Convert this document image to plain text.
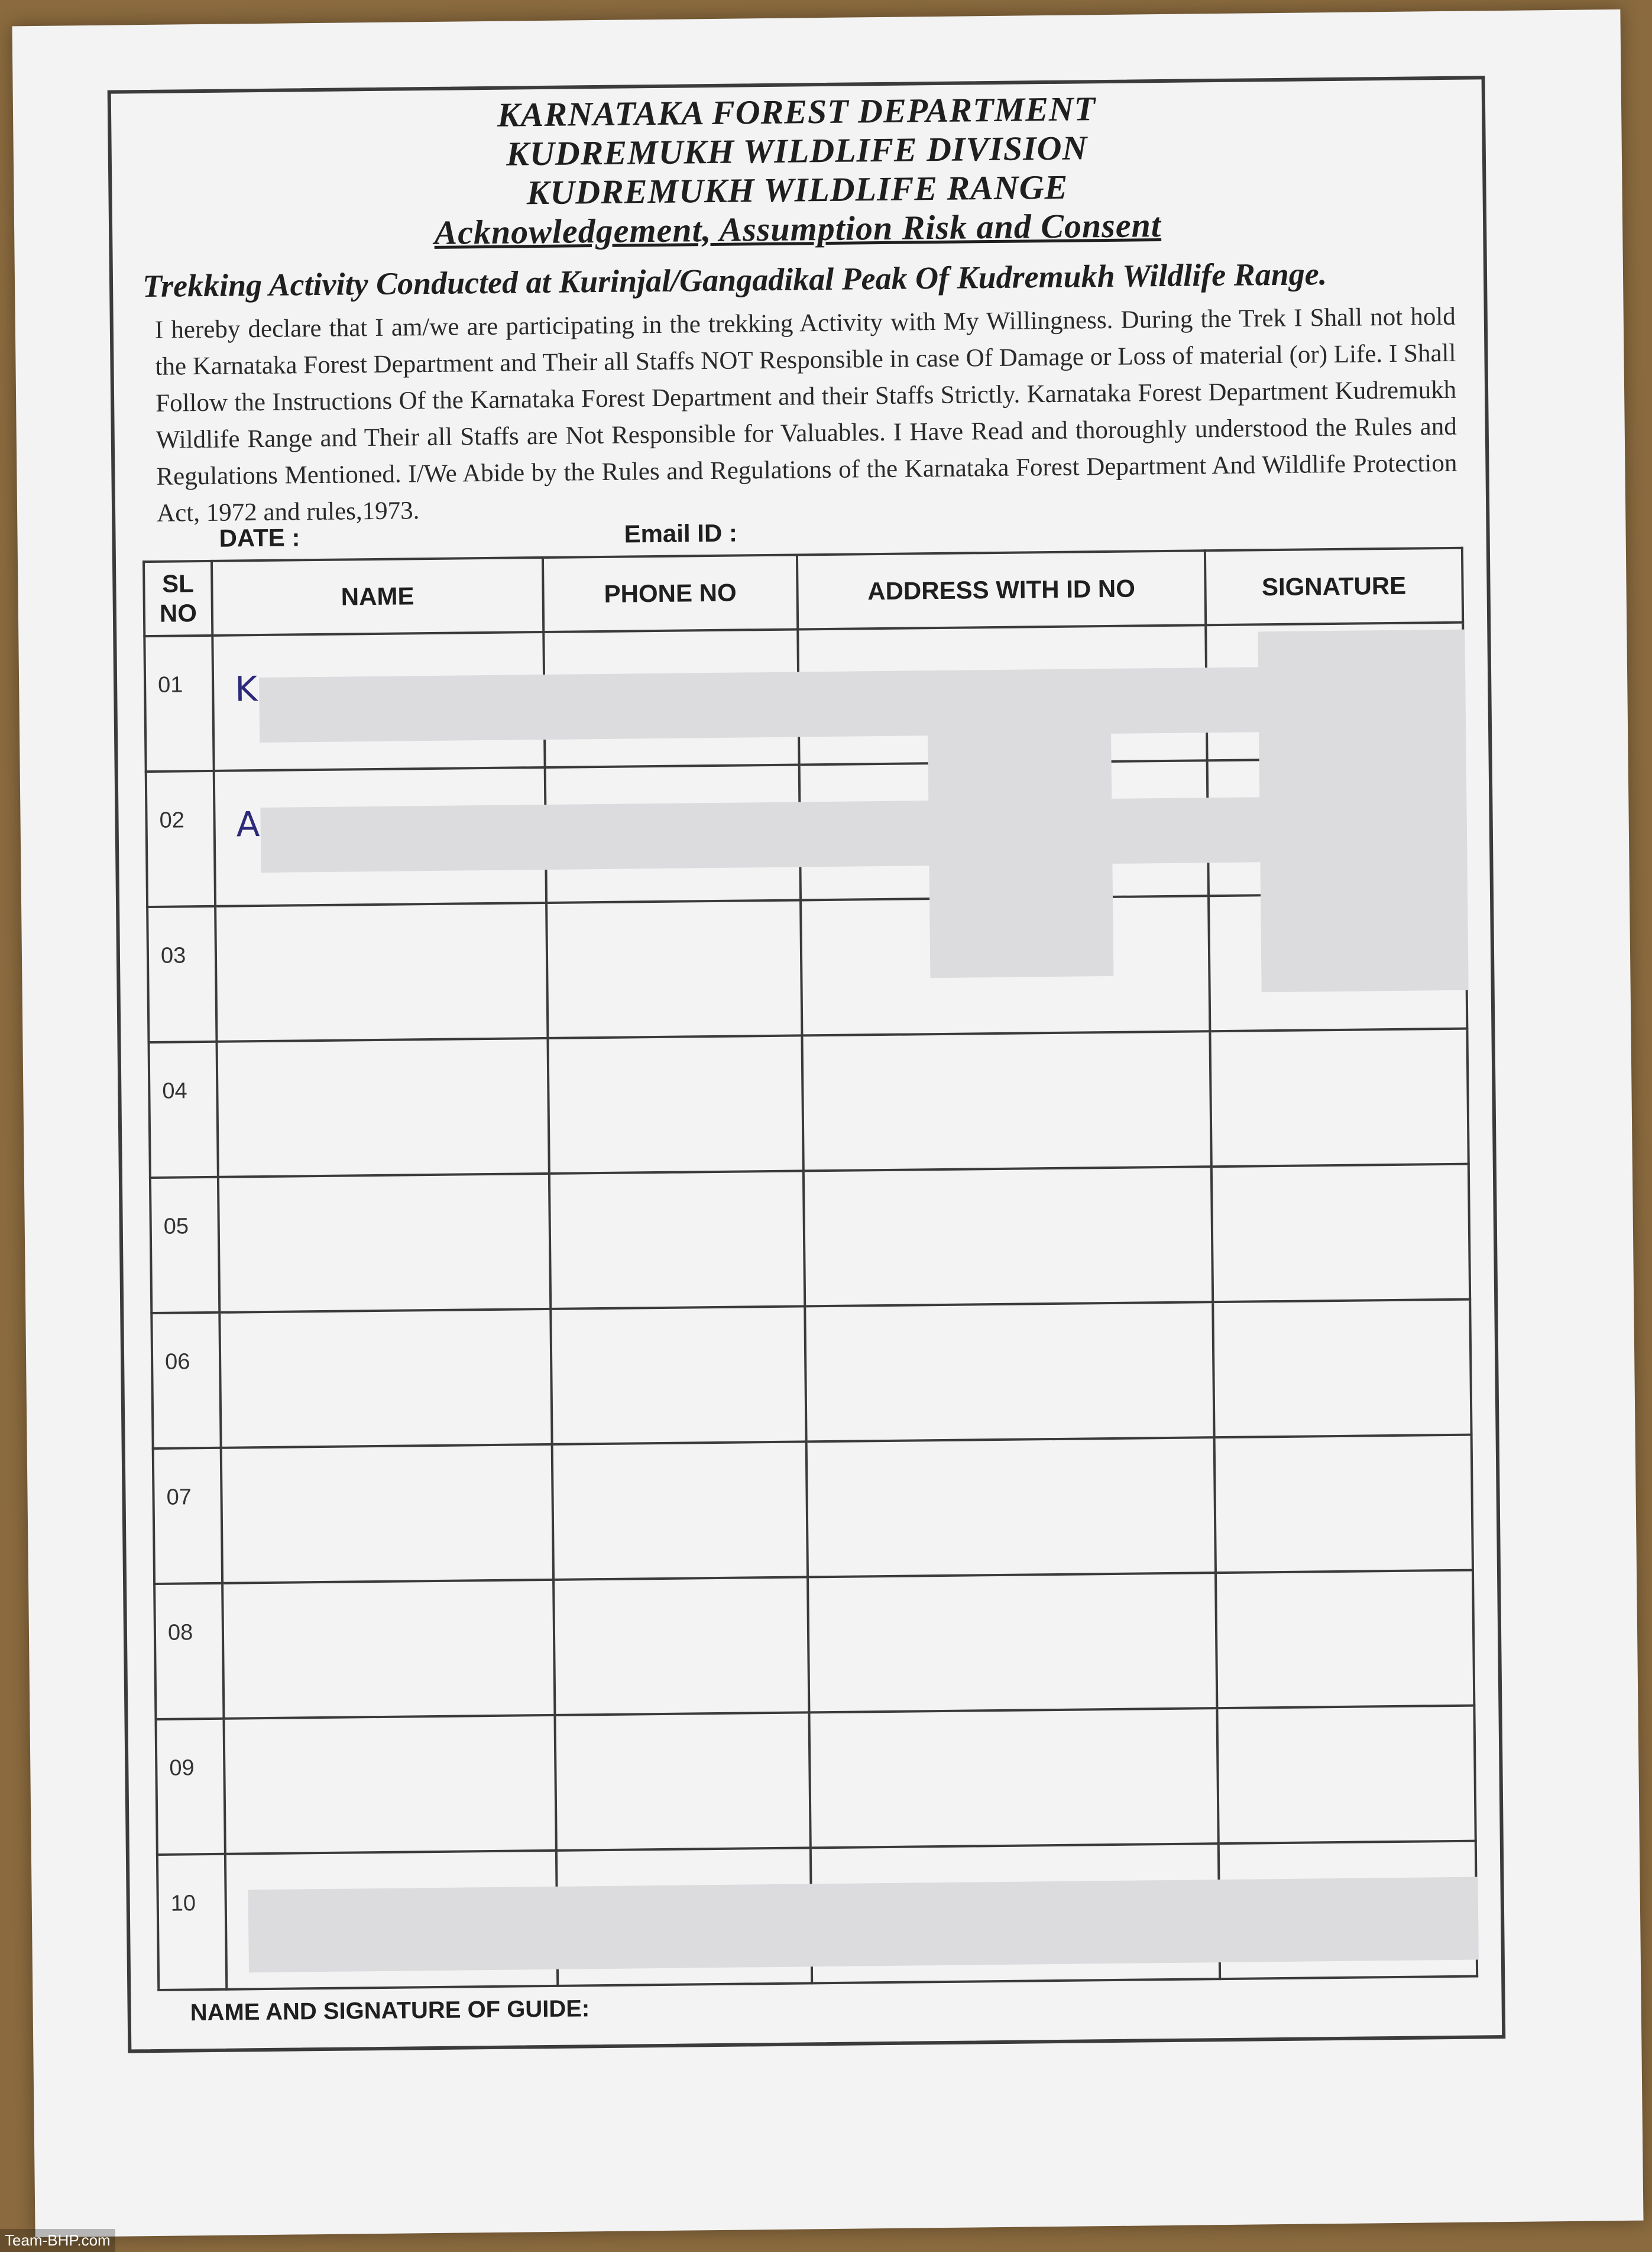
KARNATAKA FOREST DEPARTMENT
KUDREMUKH WILDLIFE DIVISION
KUDREMUKH WILDLIFE RANGE
Acknowledgement, Assumption Risk and Consent
Trekking Activity Conducted at Kurinjal/Gangadikal Peak Of Kudremukh Wildlife Range.
I hereby declare that I am/we are participating in the trekking Activity with My Willingness. During the Trek I Shall not hold the Karnataka Forest Department and Their all Staffs NOT Responsible in case Of Damage or Loss of material (or) Life. I Shall Follow the Instructions Of the Karnataka Forest Department and their Staffs Strictly. Karnataka Forest Department Kudremukh Wildlife Range and Their all Staffs are Not Responsible for Valuables. I Have Read and thoroughly understood the Rules and Regulations Mentioned. I/We Abide by the Rules and Regulations of the Karnataka Forest Department And Wildlife Protection Act, 1972 and rules,1973.
DATE :	Email ID :
SL
NO	NAME	PHONE NO	ADDRESS WITH ID NO	SIGNATURE

01	K			

02	A			

03				

04				

05				

06				

07				

08				

09				

10				

NAME AND SIGNATURE OF GUIDE:
Team-BHP.com
